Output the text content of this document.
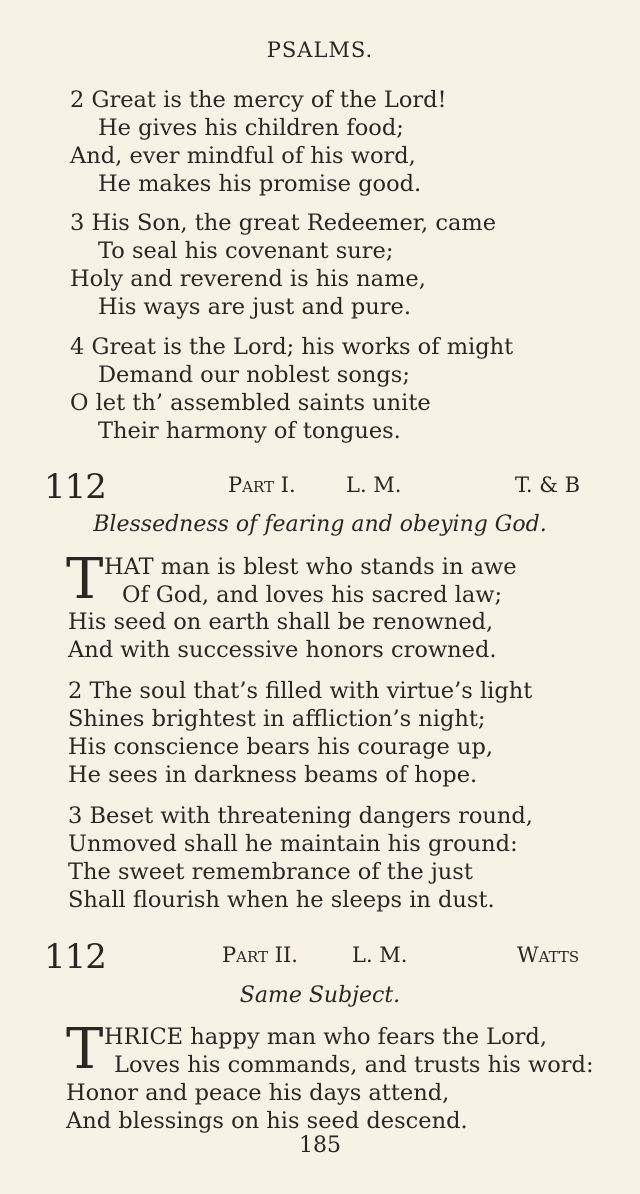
PSALMS.
2 Great is the mercy of the Lord!
He gives his children food;
And, ever mindful of his word,
He makes his promise good.
3 His Son, the great Redeemer, came
To seal his covenant sure;
Holy and reverend is his name,
His ways are just and pure.
4 Great is the Lord; his works of might
Demand our noblest songs;
O let th’ assembled saints unite
Their harmony of tongues.
112	Part I. L. M.	T. & B
Blessedness of fearing and obeying God.
T HAT man is blest who stands in awe
Of God, and loves his sacred law;
His seed on earth shall be renowned,
And with successive honors crowned.
2 The soul that’s filled with virtue’s light
Shines brightest in affliction’s night;
His conscience bears his courage up,
He sees in darkness beams of hope.
3 Beset with threatening dangers round,
Unmoved shall he maintain his ground:
The sweet remembrance of the just
Shall flourish when he sleeps in dust.
112	Part II.	L. M.	Watts
Same Subject.
T HRICE happy man who fears the Lord,
Loves his commands, and trusts his word:
Honor and peace his days attend,
And blessings on his seed descend.
185
